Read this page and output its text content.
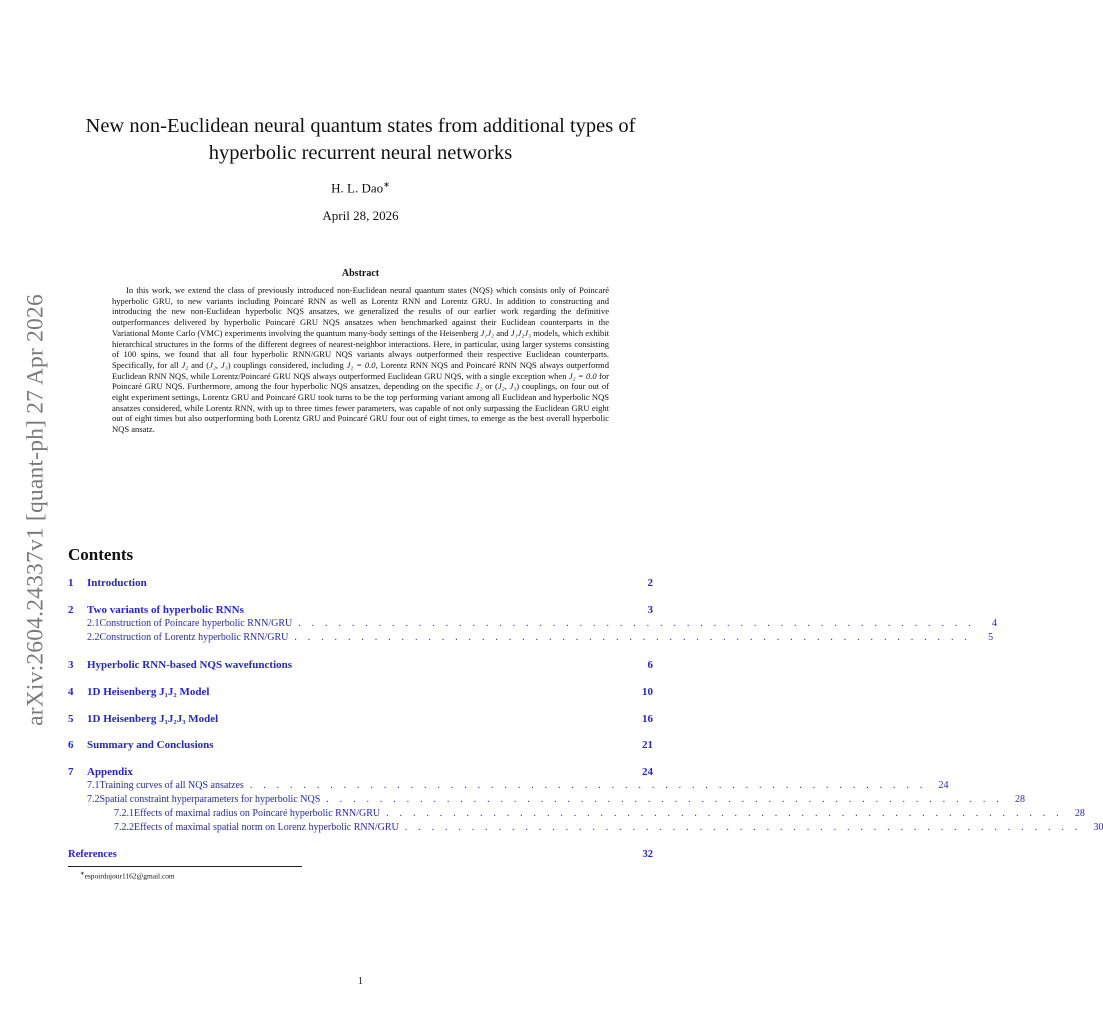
arXiv:2604.24337v1 [quant-ph] 27 Apr 2026
New non-Euclidean neural quantum states from additional types of
hyperbolic recurrent neural networks
H. L. Dao∗
April 28, 2026
Abstract
In this work, we extend the class of previously introduced non-Euclidean neural quantum states (NQS) which consists only of Poincaré hyperbolic GRU, to new variants including Poincaré RNN as well as Lorentz RNN and Lorentz GRU. In addition to constructing and introducing the new non-Euclidean hyperbolic NQS ansatzes, we generalized the results of our earlier work regarding the definitive outperformances delivered by hyperbolic Poincaré GRU NQS ansatzes when benchmarked against their Euclidean counterparts in the Variational Monte Carlo (VMC) experiments involving the quantum many-body settings of the Heisenberg J₁J₂ and J₁J₂J₃ models, which exhibit hierarchical structures in the forms of the different degrees of nearest-neighbor interactions. Here, in particular, using larger systems consisting of 100 spins, we found that all four hyperbolic RNN/GRU NQS variants always outperformed their respective Euclidean counterparts. Specifically, for all J₂ and (J₂, J₃) couplings considered, including J₂ = 0.0, Lorentz RNN NQS and Poincaré RNN NQS always outperformd Euclidean RNN NQS, while Lorentz/Poincaré GRU NQS always outperformed Euclidean GRU NQS, with a single exception when J₂ = 0.0 for Poincaré GRU NQS. Furthermore, among the four hyperbolic NQS ansatzes, depending on the specific J₂ or (J₂, J₃) couplings, on four out of eight experiment settings, Lorentz GRU and Poincaré GRU took turns to be the top performing variant among all Euclidean and hyperbolic NQS ansatzes considered, while Lorentz RNN, with up to three times fewer parameters, was capable of not only surpassing the Euclidean GRU eight out of eight times but also outperforming both Lorentz GRU and Poincaré GRU four out of eight times, to emerge as the best overall hyperbolic NQS ansatz.
Contents
1	Introduction	2
2	Two variants of hyperbolic RNNs	3
2.1 Construction of Poincare hyperbolic RNN/GRU . . . . . . . . . . . . . . . . . . . . . . . . . . . . . . . . . . . . . . . . . . . . . . . . . . .	4
2.2 Construction of Lorentz hyperbolic RNN/GRU . . . . . . . . . . . . . . . . . . . . . . . . . . . . . . . . . . . . . . . . . . . . . . . . . . .	5
3	Hyperbolic RNN-based NQS wavefunctions	6
4	1D Heisenberg J₁J₂ Model	10
5	1D Heisenberg J₁J₂J₃ Model	16
6	Summary and Conclusions	21
7	Appendix	24
7.1 Training curves of all NQS ansatzes . . . . . . . . . . . . . . . . . . . . . . . . . . . . . . . . . . . . . . . . . . . . . . . . . . .	24
7.2 Spatial constraint hyperparameters for hyperbolic NQS . . . . . . . . . . . . . . . . . . . . . . . . . . . . . . . . . . . . . . . . . . . . . . . . . . .	28
7.2.1 Effects of maximal radius on Poincaré hyperbolic RNN/GRU . . . . . . . . . . . . . . . . . . . . . . . . . . . . . . . . . . . . . . . . . . . . . . . . . . .	28
7.2.2 Effects of maximal spatial norm on Lorenz hyperbolic RNN/GRU . . . . . . . . . . . . . . . . . . . . . . . . . . . . . . . . . . . . . . . . . . . . . . . . . . .	30
References	32
∗espoirdujour1162@gmail.com
1
